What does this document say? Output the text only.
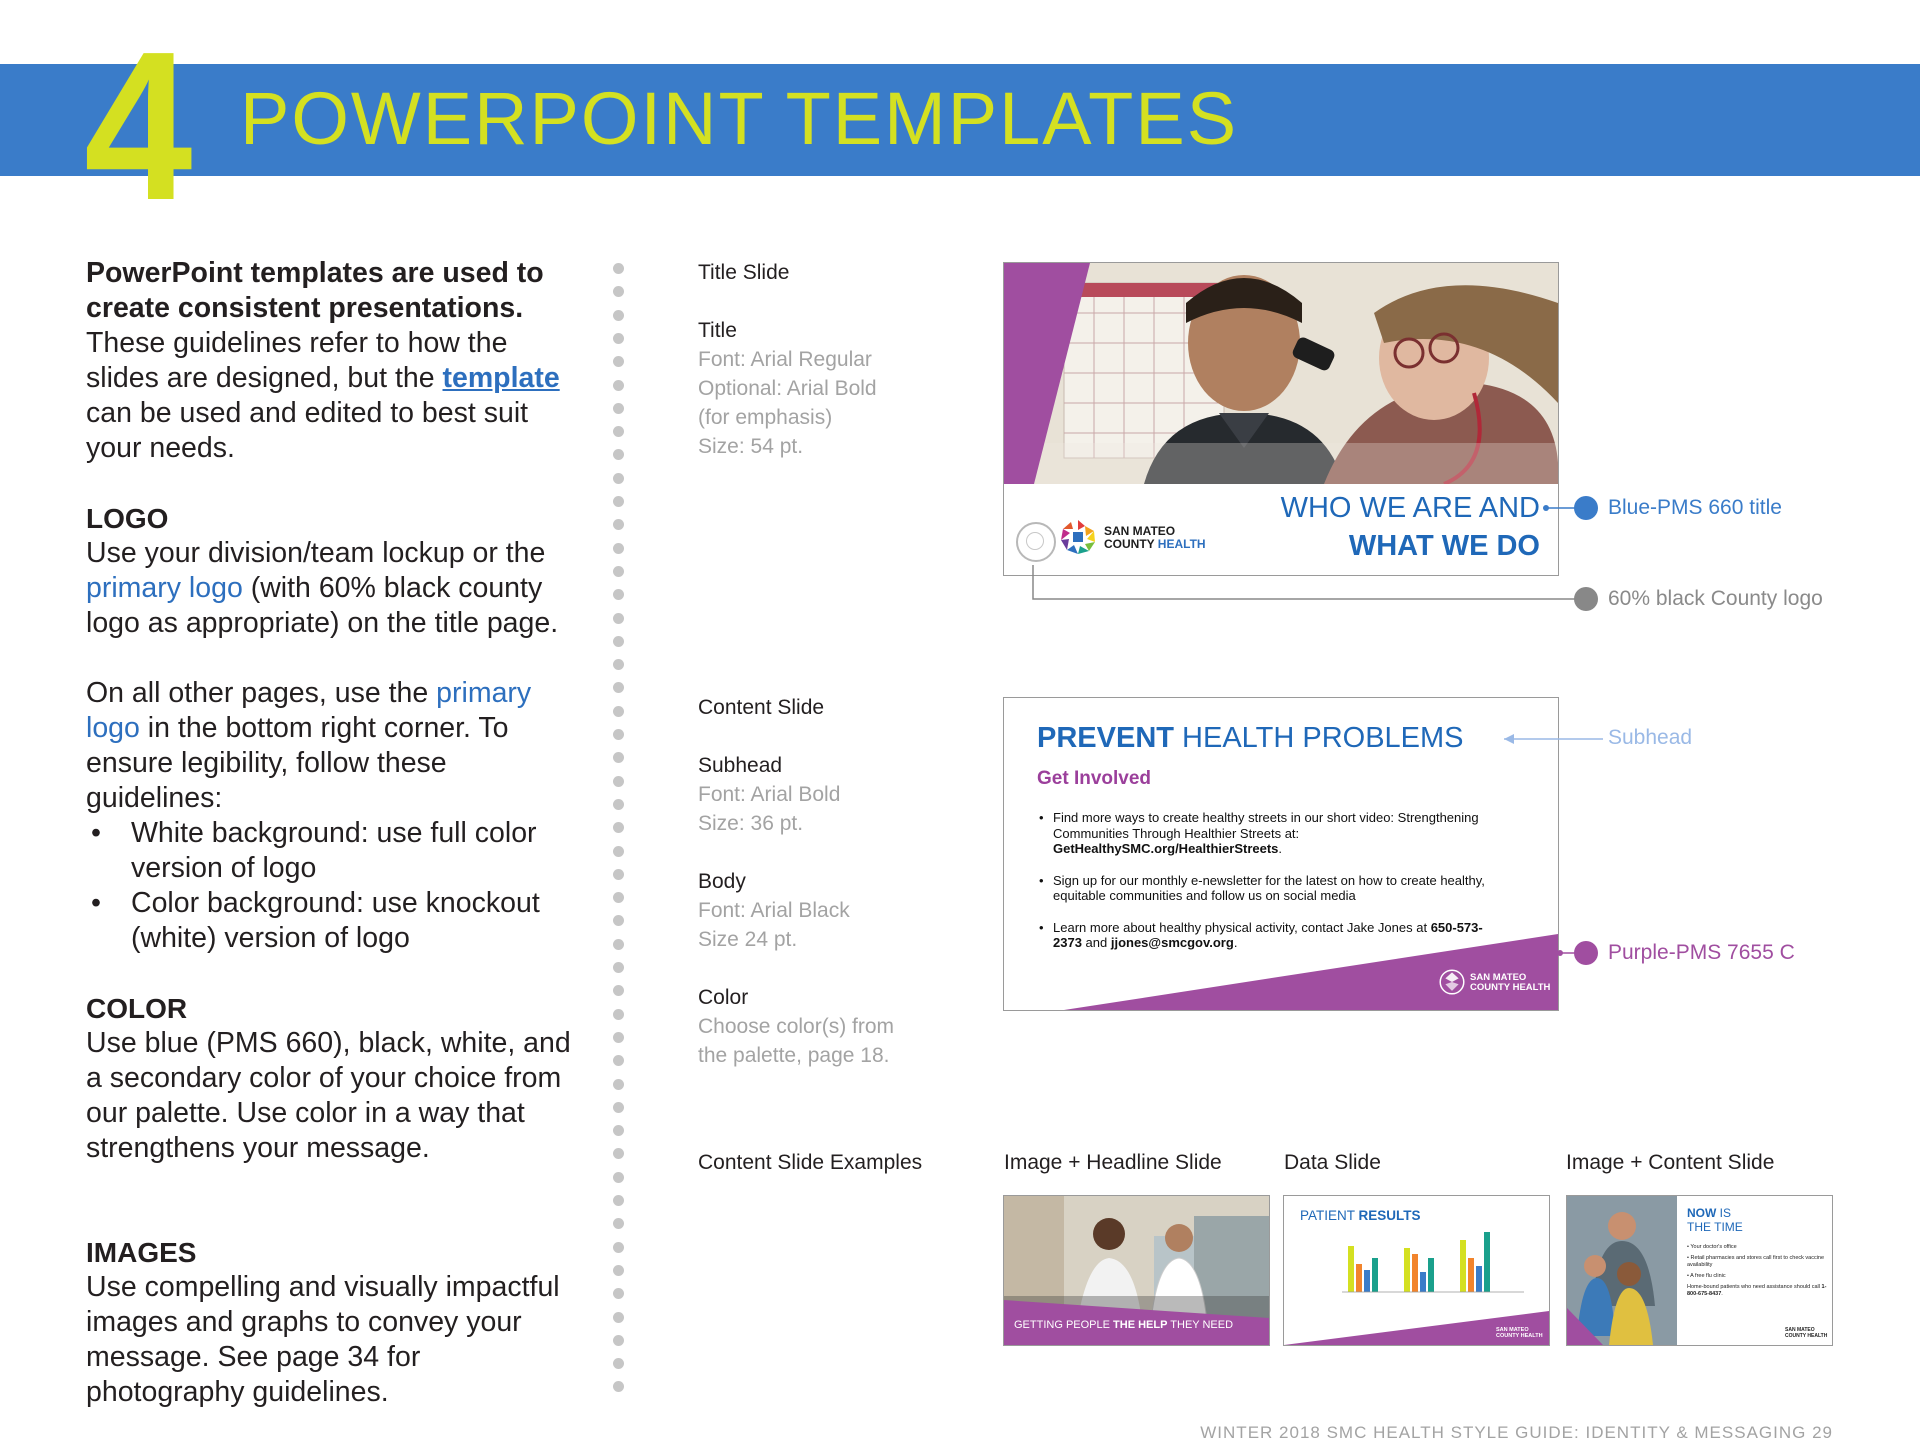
4 POWERPOINT TEMPLATES

PowerPoint templates are used to create consistent presentations. These guidelines refer to how the slides are designed, but the template can be used and edited to best suit your needs.

LOGO

Use your division/team lockup or the primary logo (with 60% black county logo as appropriate) on the title page.

On all other pages, use the primary logo in the bottom right corner. To ensure legibility, follow these guidelines:

• White background: use full color version of logo
• Color background: use knockout (white) version of logo

COLOR

Use blue (PMS 660), black, white, and a secondary color of your choice from our palette. Use color in a way that strengthens your message.

IMAGES

Use compelling and visually impactful images and graphs to convey your message. See page 34 for photography guidelines.

Title Slide
Title
Font: Arial Regular
Optional: Arial Bold (for emphasis)
Size: 54 pt.
Content Slide
Subhead
Font: Arial Bold
Size: 36 pt.
Body
Font: Arial Black
Size 24 pt.
Color
Choose color(s) from the palette, page 18.
SAN MATEO
COUNTY HEALTH
WHO WE ARE AND
WHAT WE DO
Blue-PMS 660 title
60% black County logo
PREVENT HEALTH PROBLEMS
Get Involved
• Find more ways to create healthy streets in our short video: Strengthening Communities Through Healthier Streets at: GetHealthySMC.org/HealthierStreets.
• Sign up for our monthly e-newsletter for the latest on how to create healthy, equitable communities and follow us on social media
• Learn more about healthy physical activity, contact Jake Jones at 650-573-2373 and jjones@smcgov.org.
SAN MATEO
COUNTY HEALTH
Subhead
Purple-PMS 7655 C
Content Slide Examples	Image + Headline Slide	Data Slide	Image + Content Slide
GETTING PEOPLE THE HELP THEY NEED
PATIENT RESULTS
SAN MATEO
COUNTY HEALTH
NOW IS
THE TIME
• Your doctor's office
• Retail pharmacies and stores call first to check vaccine availability
• A free flu clinic
Home-bound patients who need assistance should call 1-800-675-8437.
SAN MATEO
COUNTY HEALTH
WINTER 2018 SMC HEALTH STYLE GUIDE: IDENTITY & MESSAGING 29
